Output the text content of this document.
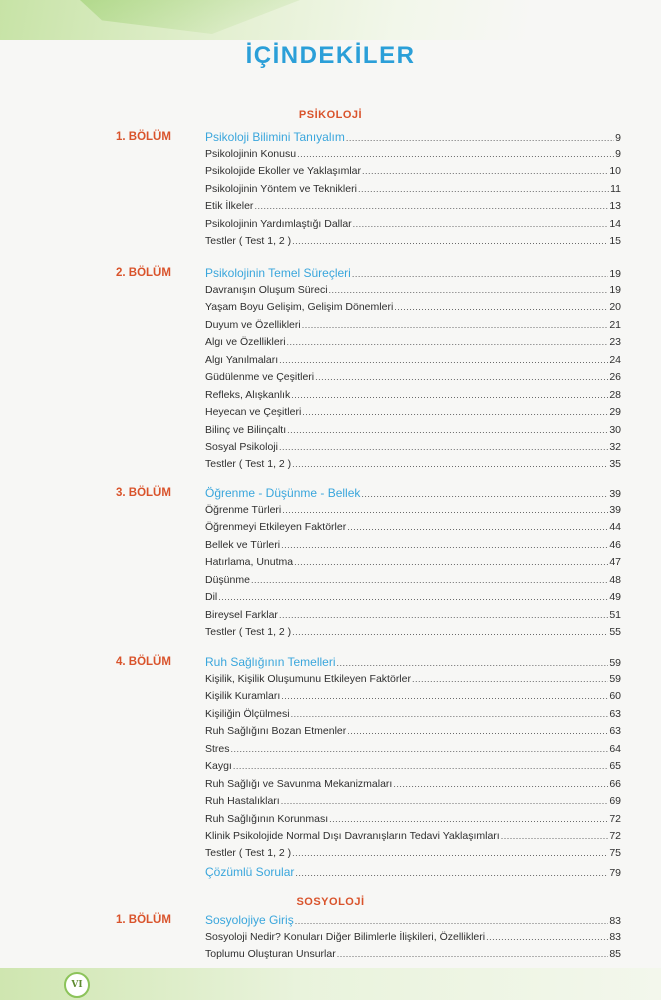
İÇİNDEKİLER
PSİKOLOJİ
1. BÖLÜM	Psikoloji Bilimini Tanıyalım .....	9
Psikolojinin Konusu .....	9
Psikolojide Ekoller ve Yaklaşımlar .....	10
Psikolojinin Yöntem ve Teknikleri .....	11
Etik İlkeler .....	13
Psikolojinin Yardımlaştığı Dallar .....	14
Testler ( Test 1, 2 ) .....	15
2. BÖLÜM	Psikolojinin Temel Süreçleri .....	19
Davranışın Oluşum Süreci .....	19
Yaşam Boyu Gelişim, Gelişim Dönemleri .....	20
Duyum ve Özellikleri .....	21
Algı ve Özellikleri .....	23
Algı Yanılmaları .....	24
Güdülenme ve Çeşitleri .....	26
Refleks, Alışkanlık .....	28
Heyecan ve Çeşitleri .....	29
Bilinç ve Bilinçaltı .....	30
Sosyal Psikoloji .....	32
Testler ( Test 1, 2 ) .....	35
3. BÖLÜM	Öğrenme - Düşünme - Bellek .....	39
Öğrenme Türleri .....	39
Öğrenmeyi Etkileyen Faktörler .....	44
Bellek ve Türleri .....	46
Hatırlama, Unutma .....	47
Düşünme .....	48
Dil .....	49
Bireysel Farklar .....	51
Testler ( Test 1, 2 ) .....	55
4. BÖLÜM	Ruh Sağlığının Temelleri .....	59
Kişilik, Kişilik Oluşumunu Etkileyen Faktörler .....	59
Kişilik Kuramları .....	60
Kişiliğin Ölçülmesi .....	63
Ruh Sağlığını Bozan Etmenler .....	63
Stres .....	64
Kaygı .....	65
Ruh Sağlığı ve Savunma Mekanizmaları .....	66
Ruh Hastalıkları .....	69
Ruh Sağlığının Korunması .....	72
Klinik Psikolojide Normal Dışı Davranışların Tedavi Yaklaşımları .....	72
Testler ( Test 1, 2 ) .....	75
Çözümlü Sorular .....	79
SOSYOLOJİ
1. BÖLÜM	Sosyolojiye Giriş .....	83
Sosyoloji Nedir? Konuları Diğer Bilimlerle İlişkileri, Özellikleri .....	83
Toplumu Oluşturan Unsurlar .....	85
VI
